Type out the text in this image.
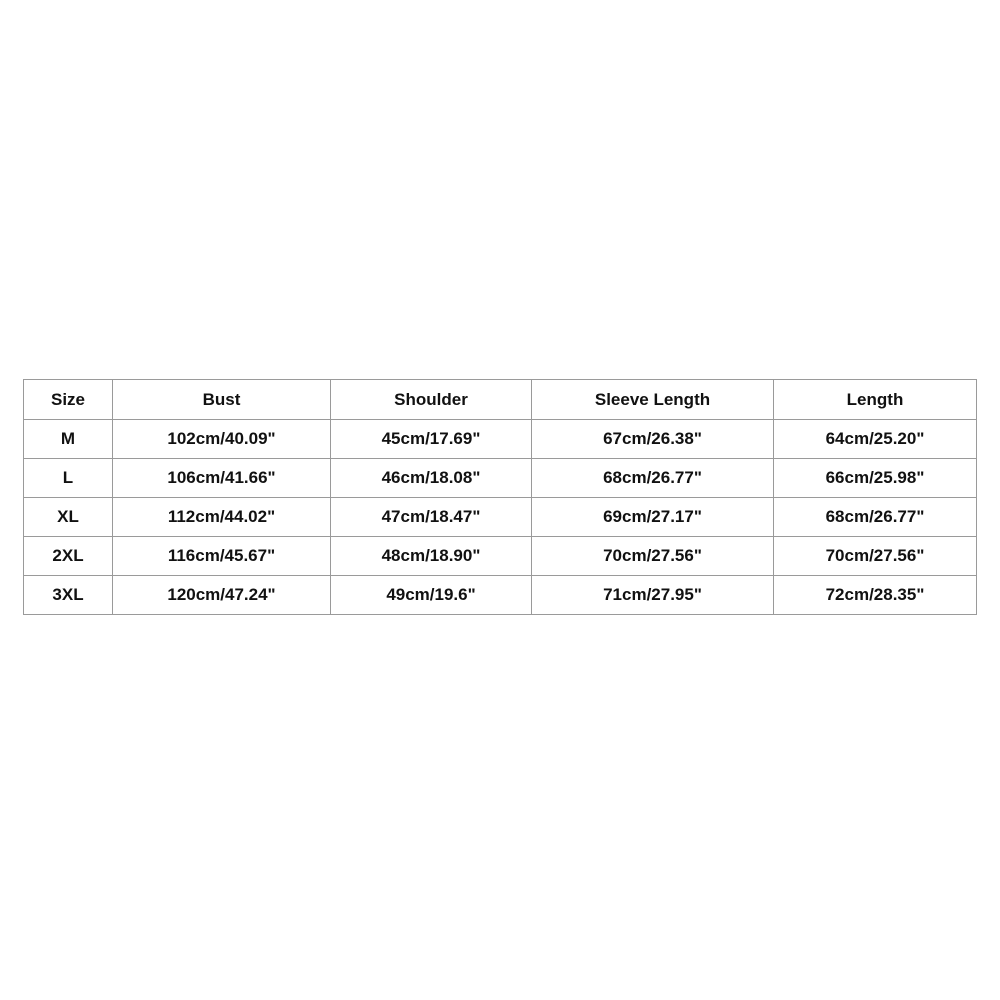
Size	Bust	Shoulder	Sleeve Length	Length
M	102cm/40.09"	45cm/17.69"	67cm/26.38"	64cm/25.20"
L	106cm/41.66"	46cm/18.08"	68cm/26.77"	66cm/25.98"
XL	112cm/44.02"	47cm/18.47"	69cm/27.17"	68cm/26.77"
2XL	116cm/45.67"	48cm/18.90"	70cm/27.56"	70cm/27.56"
3XL	120cm/47.24"	49cm/19.6"	71cm/27.95"	72cm/28.35"
